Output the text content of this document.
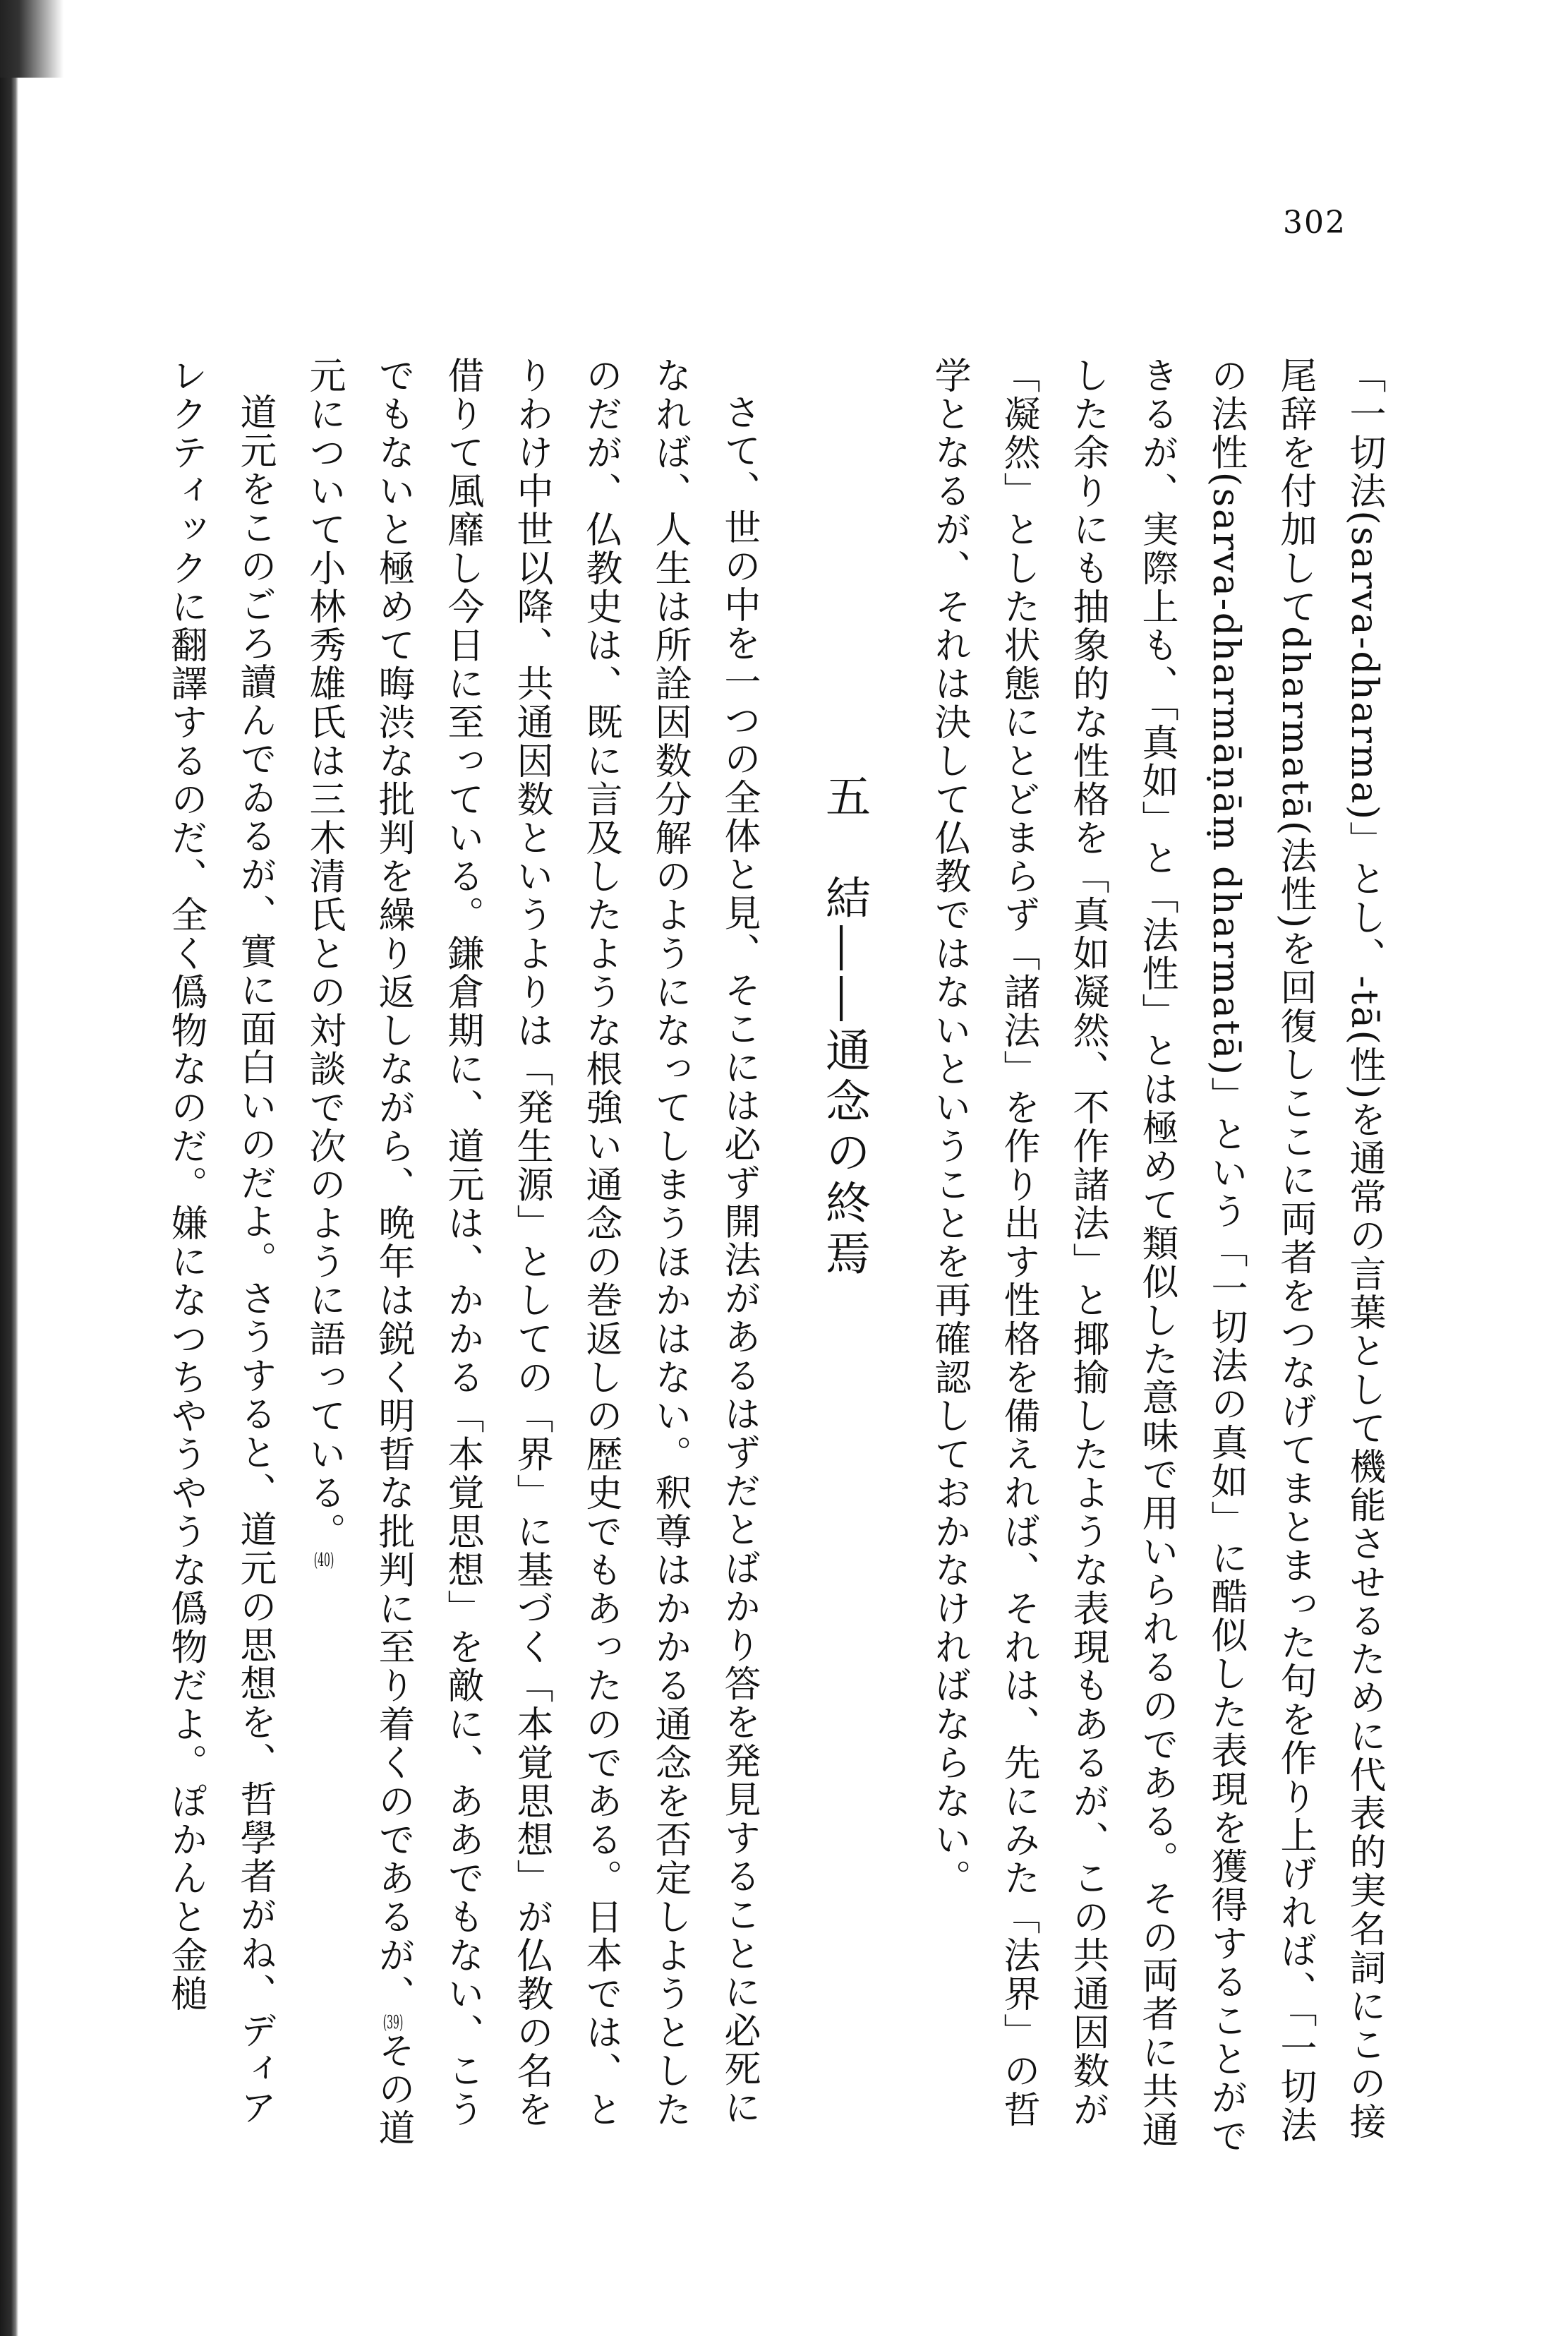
302

「一切法(sarva-dharma)」とし、-tā(性)を通常の言葉として機能させるために代表的実名詞にこの接尾辞を付加してdharmatā(法性)を回復しここに両者をつなげてまとまった句を作り上げれば、「一切法の法性(sarva-dharmāṇāṃ dharmatā)」という「一切法の真如」に酷似した表現を獲得することができるが、実際上も、「真如」と「法性」とは極めて類似した意味で用いられるのである。その両者に共通した余りにも抽象的な性格を「真如凝然、不作諸法」と揶揄したような表現もあるが、この共通因数が「凝然」とした状態にとどまらず「諸法」を作り出す性格を備えれば、それは、先にみた「法界」の哲学となるが、それは決して仏教ではないということを再確認しておかなければならない。

五　結――通念の終焉

さて、世の中を一つの全体と見、そこには必ず開法があるはずだとばかり答を発見することに必死になれば、人生は所詮因数分解のようになってしまうほかはない。釈尊はかかる通念を否定しようとしたのだが、仏教史は、既に言及したような根強い通念の巻返しの歴史でもあったのである。日本では、とりわけ中世以降、共通因数というよりは「発生源」としての「界」に基づく「本覚思想」が仏教の名を借りて風靡し今日に至っている。鎌倉期に、道元は、かかる「本覚思想」を敵に、ああでもない、こうでもないと極めて晦渋な批判を繰り返しながら、晩年は鋭く明晢な批判に至り着くのであるが、(39)その道元について小林秀雄氏は三木清氏との対談で次のように語っている。(40)

道元をこのごろ讀んでゐるが、實に面白いのだよ。さうすると、道元の思想を、哲學者がね、ディアレクティックに翻譯するのだ、全く僞物なのだ。嫌になつちやうやうな僞物だよ。ぽかんと金槌
